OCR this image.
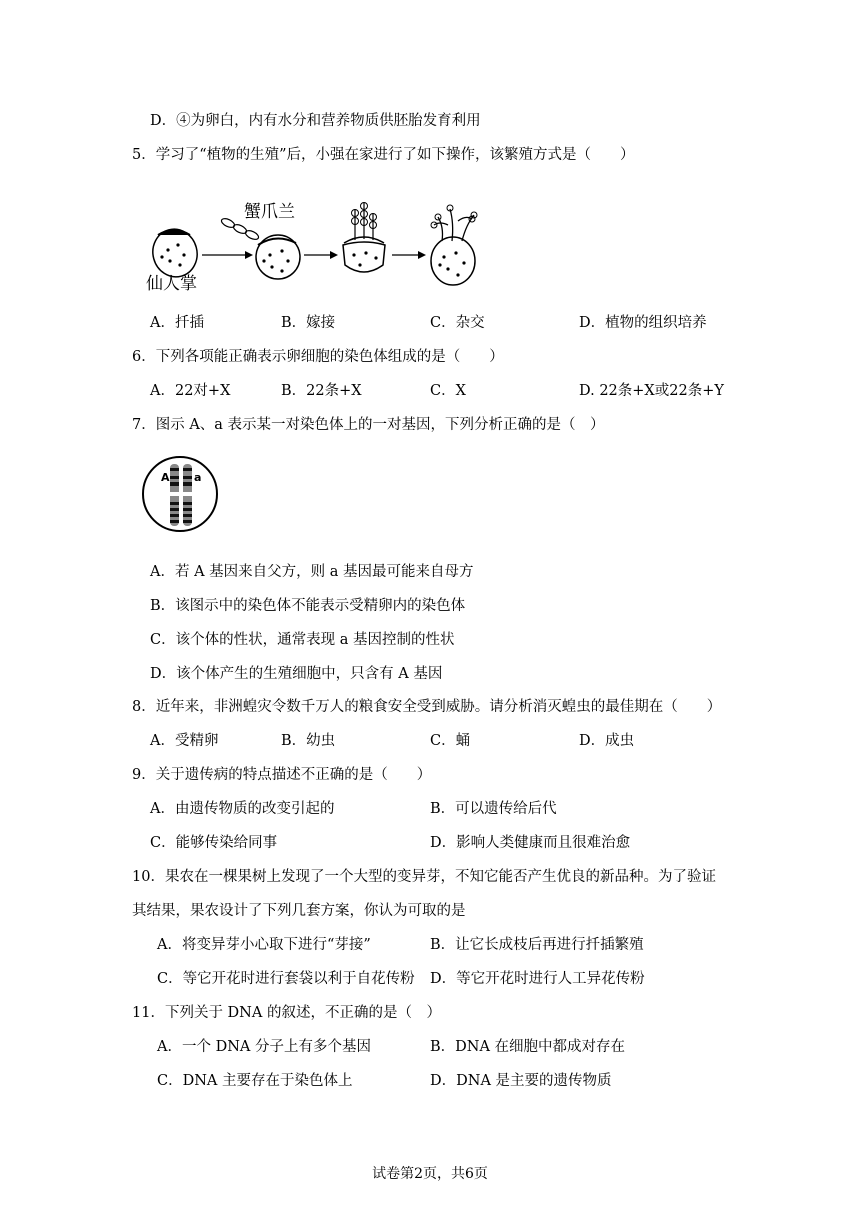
D．④为卵白，内有水分和营养物质供胚胎发育利用
5．学习了“植物的生殖”后，小强在家进行了如下操作，该繁殖方式是（　　）
仙人掌
蟹爪兰
A．扦插	B．嫁接	C．杂交	D．植物的组织培养
6．下列各项能正确表示卵细胞的染色体组成的是（　　）
A．22对+X	B．22条+X	C．X	D. 22条+X或22条+Y
7．图示 A、a 表示某一对染色体上的一对基因，下列分析正确的是（　）
A a
A．若 A 基因来自父方，则 a 基因最可能来自母方
B．该图示中的染色体不能表示受精卵内的染色体
C．该个体的性状，通常表现 a 基因控制的性状
D．该个体产生的生殖细胞中，只含有 A 基因
8．近年来，非洲蝗灾令数千万人的粮食安全受到威胁。请分析消灭蝗虫的最佳期在（　　）
A．受精卵	B．幼虫	C．蛹	D．成虫
9．关于遗传病的特点描述不正确的是（　　）
A．由遗传物质的改变引起的	B．可以遗传给后代
C．能够传染给同事	D．影响人类健康而且很难治愈
10．果农在一棵果树上发现了一个大型的变异芽，不知它能否产生优良的新品种。为了验证
其结果，果农设计了下列几套方案，你认为可取的是
A．将变异芽小心取下进行“芽接”	B．让它长成枝后再进行扦插繁殖
C．等它开花时进行套袋以利于自花传粉 D．等它开花时进行人工异花传粉
11．下列关于 DNA 的叙述，不正确的是（　）
A．一个 DNA 分子上有多个基因	B．DNA 在细胞中都成对存在
C．DNA 主要存在于染色体上	D．DNA 是主要的遗传物质
试卷第2页，共6页
